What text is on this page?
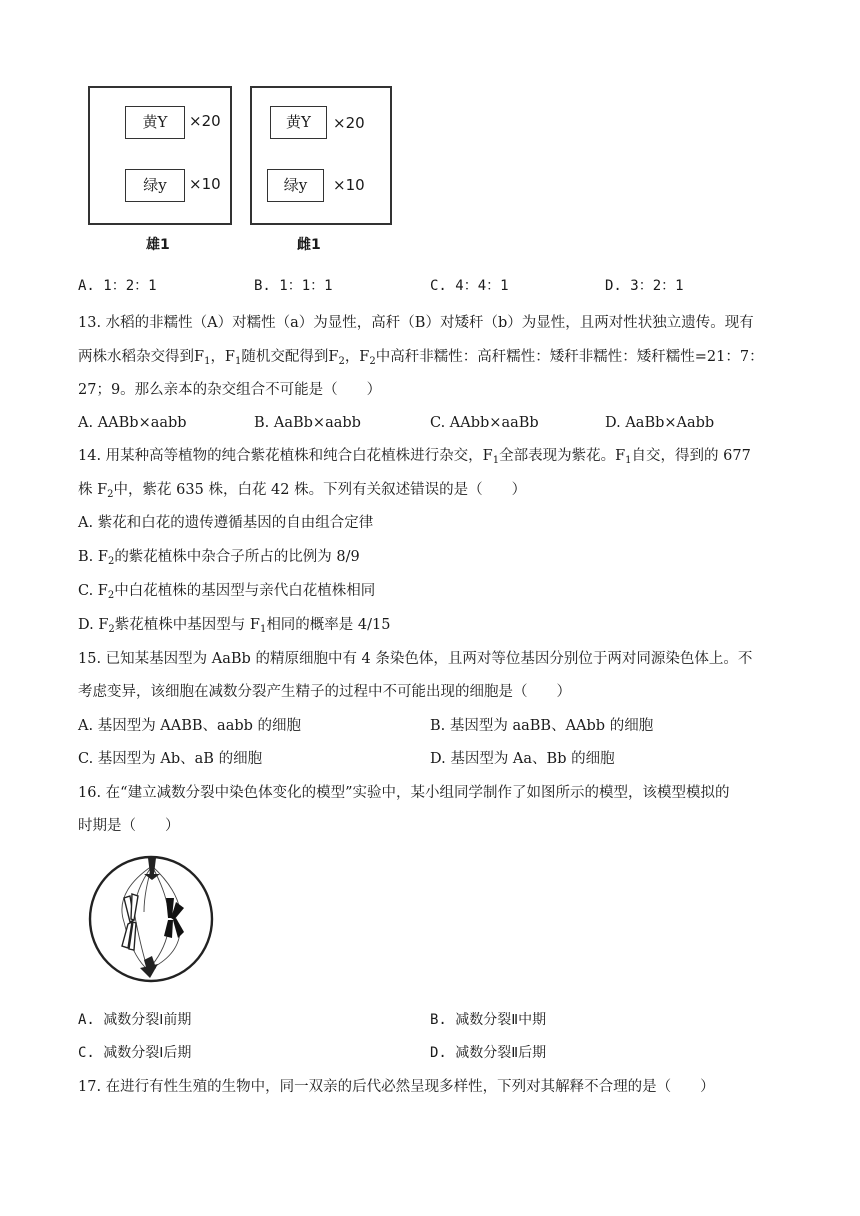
黄Y	×20
绿y	×10
雄1
黄Y	×20
绿y	×10
雌1
A. 1：2：1	B. 1：1：1	C. 4：4：1	D. 3：2：1
13. 水稻的非糯性（A）对糯性（a）为显性，高秆（B）对矮秆（b）为显性，且两对性状独立遗传。现有
两株水稻杂交得到$F_1$，$F_1$随机交配得到$F_2$，$F_2$中高秆非糯性：高秆糯性：矮秆非糯性：矮秆糯性=21：7：
27；9。那么亲本的杂交组合不可能是（　　）
A. AABb×aabb	B. AaBb×aabb	C. AAbb×aaBb	D. AaBb×Aabb
14. 用某种高等植物的纯合紫花植株和纯合白花植株进行杂交，$F_1$全部表现为紫花。$F_1$自交，得到的 677
株 $F_2$中，紫花 635 株，白花 42 株。下列有关叙述错误的是（　　）
A. 紫花和白花的遗传遵循基因的自由组合定律
B. $F_2$的紫花植株中杂合子所占的比例为 8/9
C. $F_2$中白花植株的基因型与亲代白花植株相同
D. $F_2$紫花植株中基因型与 $F_1$相同的概率是 4/15
15. 已知某基因型为 AaBb 的精原细胞中有 4 条染色体，且两对等位基因分别位于两对同源染色体上。不
考虑变异，该细胞在减数分裂产生精子的过程中不可能出现的细胞是（　　）
A. 基因型为 AABB、aabb 的细胞	B. 基因型为 aaBB、AAbb 的细胞
C. 基因型为 Ab、aB 的细胞	D. 基因型为 Aa、Bb 的细胞
16. 在“建立减数分裂中染色体变化的模型”实验中，某小组同学制作了如图所示的模型，该模型模拟的
时期是（　　）
A. 减数分裂Ⅰ前期	B. 减数分裂Ⅱ中期
C. 减数分裂Ⅰ后期	D. 减数分裂Ⅱ后期
17. 在进行有性生殖的生物中，同一双亲的后代必然呈现多样性，下列对其解释不合理的是（　　）
